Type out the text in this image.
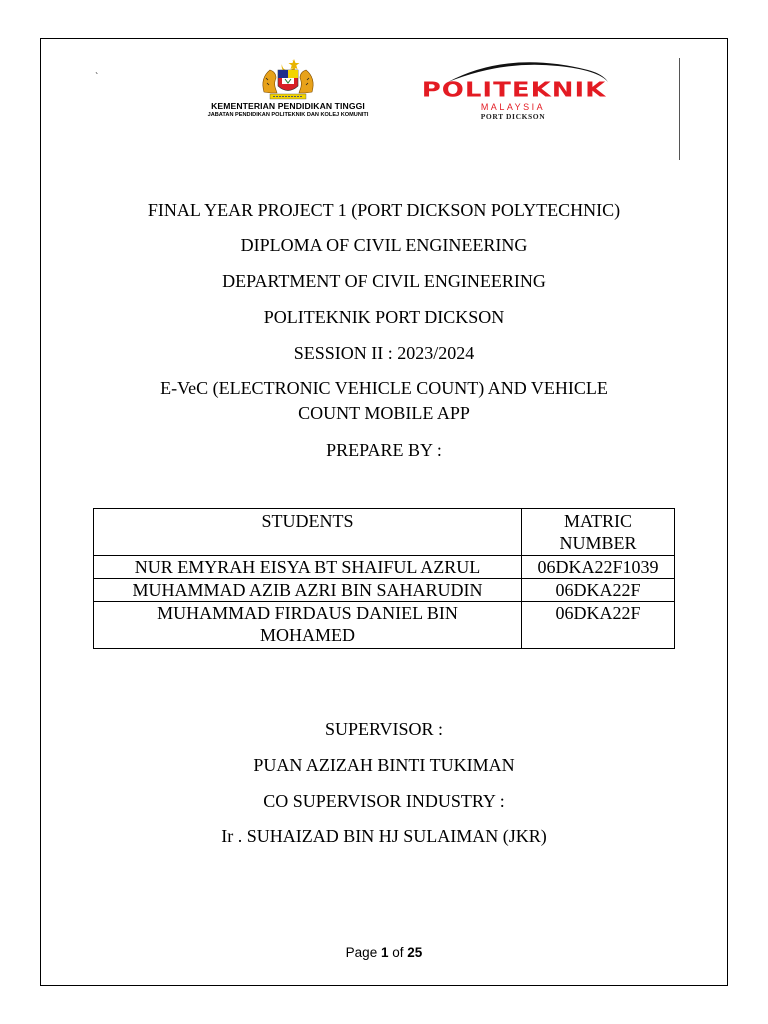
`
KEMENTERIAN PENDIDIKAN TINGGI
JABATAN PENDIDIKAN POLITEKNIK DAN KOLEJ KOMUNITI
POLITEKNIK
MALAYSIA
PORT DICKSON
FINAL YEAR PROJECT 1 (PORT DICKSON POLYTECHNIC)
DIPLOMA OF CIVIL ENGINEERING
DEPARTMENT OF CIVIL ENGINEERING
POLITEKNIK PORT DICKSON
SESSION II : 2023/2024
E-VeC (ELECTRONIC VEHICLE COUNT) AND VEHICLE
COUNT MOBILE APP
PREPARE BY :
STUDENTS	MATRIC
NUMBER
NUR EMYRAH EISYA BT SHAIFUL AZRUL	06DKA22F1039
MUHAMMAD AZIB AZRI BIN SAHARUDIN	06DKA22F
MUHAMMAD FIRDAUS DANIEL BIN
MOHAMED	06DKA22F
SUPERVISOR :
PUAN AZIZAH BINTI TUKIMAN
CO SUPERVISOR INDUSTRY :
Ir . SUHAIZAD BIN HJ SULAIMAN (JKR)
Page 1 of 25
